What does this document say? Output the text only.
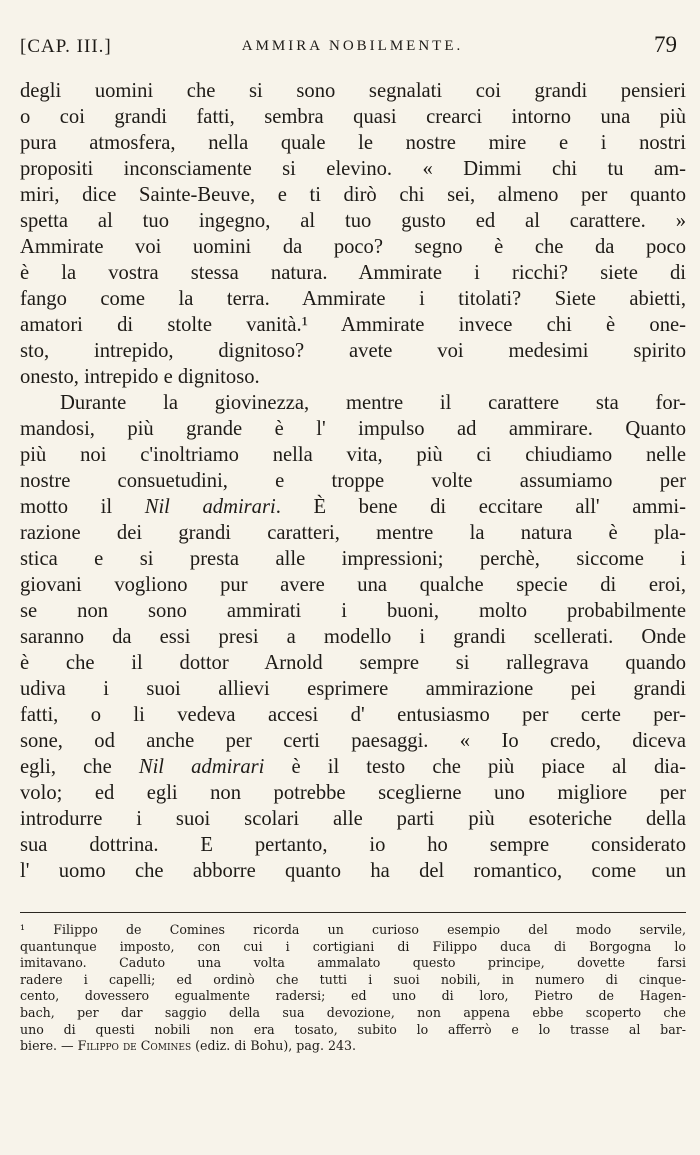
[CAP. III.]	AMMIRA NOBILMENTE.	79
degli uomini che si sono segnalati coi grandi pensieri
o coi grandi fatti, sembra quasi crearci intorno una più
pura atmosfera, nella quale le nostre mire e i nostri
propositi inconsciamente si elevino. « Dimmi chi tu am-
miri, dice Sainte-Beuve, e ti dirò chi sei, almeno per quanto
spetta al tuo ingegno, al tuo gusto ed al carattere. »
Ammirate voi uomini da poco? segno è che da poco
è la vostra stessa natura. Ammirate i ricchi? siete di
fango come la terra. Ammirate i titolati? Siete abietti,
amatori di stolte vanità.¹ Ammirate invece chi è one-
sto, intrepido, dignitoso? avete voi medesimi spirito
onesto, intrepido e dignitoso.
Durante la giovinezza, mentre il carattere sta for-
mandosi, più grande è l' impulso ad ammirare. Quanto
più noi c'inoltriamo nella vita, più ci chiudiamo nelle
nostre consuetudini, e troppe volte assumiamo per
motto il Nil admirari. È bene di eccitare all' ammi-
razione dei grandi caratteri, mentre la natura è pla-
stica e si presta alle impressioni; perchè, siccome i
giovani vogliono pur avere una qualche specie di eroi,
se non sono ammirati i buoni, molto probabilmente
saranno da essi presi a modello i grandi scellerati. Onde
è che il dottor Arnold sempre si rallegrava quando
udiva i suoi allievi esprimere ammirazione pei grandi
fatti, o li vedeva accesi d' entusiasmo per certe per-
sone, od anche per certi paesaggi. « Io credo, diceva
egli, che Nil admirari è il testo che più piace al dia-
volo; ed egli non potrebbe sceglierne uno migliore per
introdurre i suoi scolari alle parti più esoteriche della
sua dottrina. E pertanto, io ho sempre considerato
l' uomo che abborre quanto ha del romantico, come un
¹ Filippo de Comines ricorda un curioso esempio del modo servile,
quantunque imposto, con cui i cortigiani di Filippo duca di Borgogna lo
imitavano. Caduto una volta ammalato questo principe, dovette farsi
radere i capelli; ed ordinò che tutti i suoi nobili, in numero di cinque-
cento, dovessero egualmente radersi; ed uno di loro, Pietro de Hagen-
bach, per dar saggio della sua devozione, non appena ebbe scoperto che
uno di questi nobili non era tosato, subito lo afferrò e lo trasse al bar-
biere. — Filippo de Comines (ediz. di Bohu), pag. 243.
